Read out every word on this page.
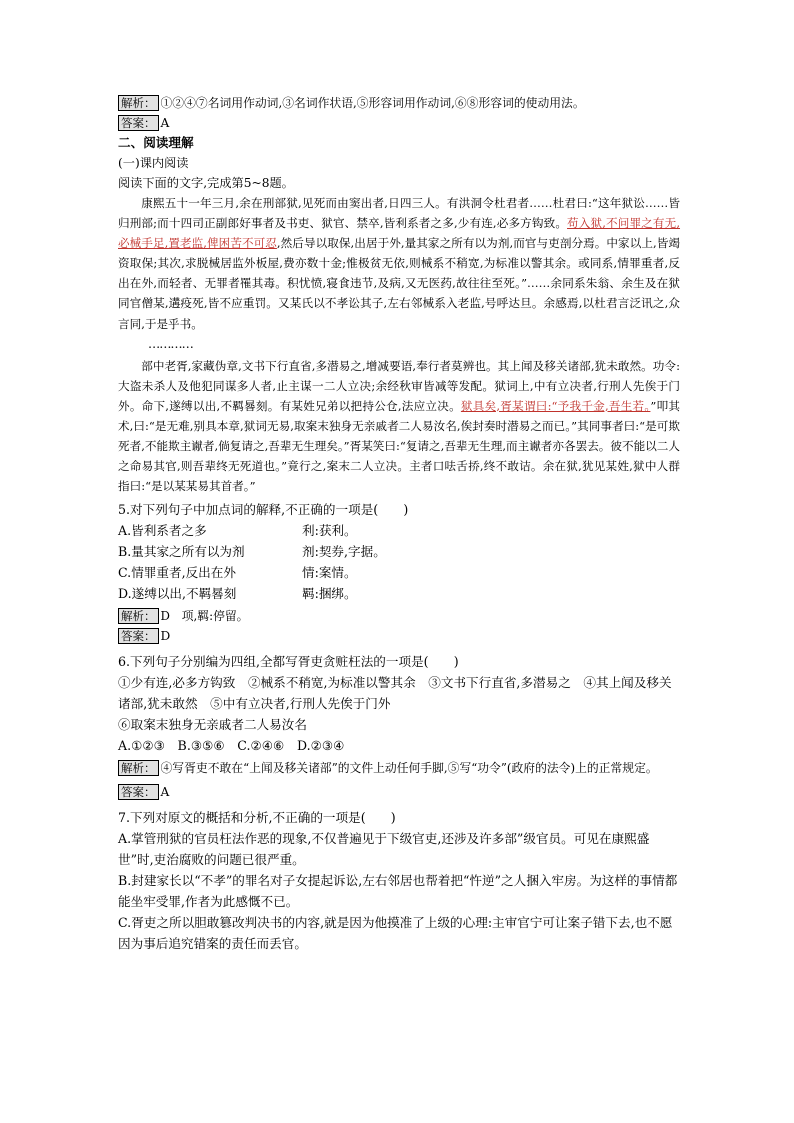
解析： ①②④⑦名词用作动词,③名词作状语,⑤形容词用作动词,⑥⑧形容词的使动用法。
答案： A
二、阅读理解
(一)课内阅读
阅读下面的文字,完成第5~8题。

康熙五十一年三月,余在刑部狱,见死而由窦出者,日四三人。有洪洞令杜君者……杜君曰:“这年狱讼……皆归刑部;而十四司正副郎好事者及书吏、狱官、禁卒,皆利系者之多,少有连,必多方钩致。苟入狱,不问罪之有无,必械手足,置老监,俾困苦不可忍,然后导以取保,出居于外,量其家之所有以为剂,而官与吏剖分焉。中家以上,皆竭资取保;其次,求脱械居监外板屋,费亦数十金;惟极贫无依,则械系不稍宽,为标准以警其余。或同系,情罪重者,反出在外,而轻者、无罪者罹其毒。积忧愤,寝食违节,及病,又无医药,故往往至死。”……余同系朱翁、余生及在狱同官僧某,遘疫死,皆不应重罚。又某氏以不孝讼其子,左右邻械系入老监,号呼达旦。余感焉,以杜君言泛讯之,众言同,于是乎书。

…………

部中老胥,家藏伪章,文书下行直省,多潜易之,增减要语,奉行者莫辨也。其上闻及移关诸部,犹未敢然。功令:大盗未杀人及他犯同谋多人者,止主谋一二人立决;余经秋审皆减等发配。狱词上,中有立决者,行刑人先俟于门外。命下,遂缚以出,不羁晷刻。有某姓兄弟以把持公仓,法应立决。狱具矣,胥某谓曰:“予我千金,吾生若。”叩其术,曰:“是无难,别具本章,狱词无易,取案末独身无亲戚者二人易汝名,俟封奏时潜易之而已。”其同事者曰:“是可欺死者,不能欺主谳者,倘复请之,吾辈无生理矣。”胥某笑曰:“复请之,吾辈无生理,而主谳者亦各罢去。彼不能以二人之命易其官,则吾辈终无死道也。”竟行之,案末二人立决。主者口呿舌挢,终不敢诘。余在狱,犹见某姓,狱中人群指曰:“是以某某易其首者。”

5.对下列句子中加点词的解释,不正确的一项是(　　)
A.皆利系者之多	利:获利。
B.量其家之所有以为剂	剂:契券,字据。
C.情罪重者,反出在外	情:案情。
D.遂缚以出,不羁晷刻	羁:捆绑。
解析： D　项,羁:停留。
答案： D
6.下列句子分别编为四组,全都写胥吏贪赃枉法的一项是(　　)

①少有连,必多方钩致　②械系不稍宽,为标准以警其余　③文书下行直省,多潜易之　④其上闻及移关诸部,犹未敢然　⑤中有立决者,行刑人先俟于门外

⑥取案末独身无亲戚者二人易汝名

A.①②③　B.③⑤⑥　C.②④⑥　D.②③④
解析： ④写胥吏不敢在“上闻及移关诸部”的文件上动任何手脚,⑤写“功令”(政府的法令)上的正常规定。
答案： A
7.下列对原文的概括和分析,不正确的一项是(　　)

A.掌管刑狱的官员枉法作恶的现象,不仅普遍见于下级官吏,还涉及许多部”级官员。可见在康熙盛世”时,吏治腐败的问题已很严重。

B.封建家长以“不孝”的罪名对子女提起诉讼,左右邻居也帮着把“忤逆”之人捆入牢房。为这样的事情都能坐牢受罪,作者为此感慨不已。

C.胥吏之所以胆敢篡改判决书的内容,就是因为他摸准了上级的心理:主审官宁可让案子错下去,也不愿因为事后追究错案的责任而丢官。
